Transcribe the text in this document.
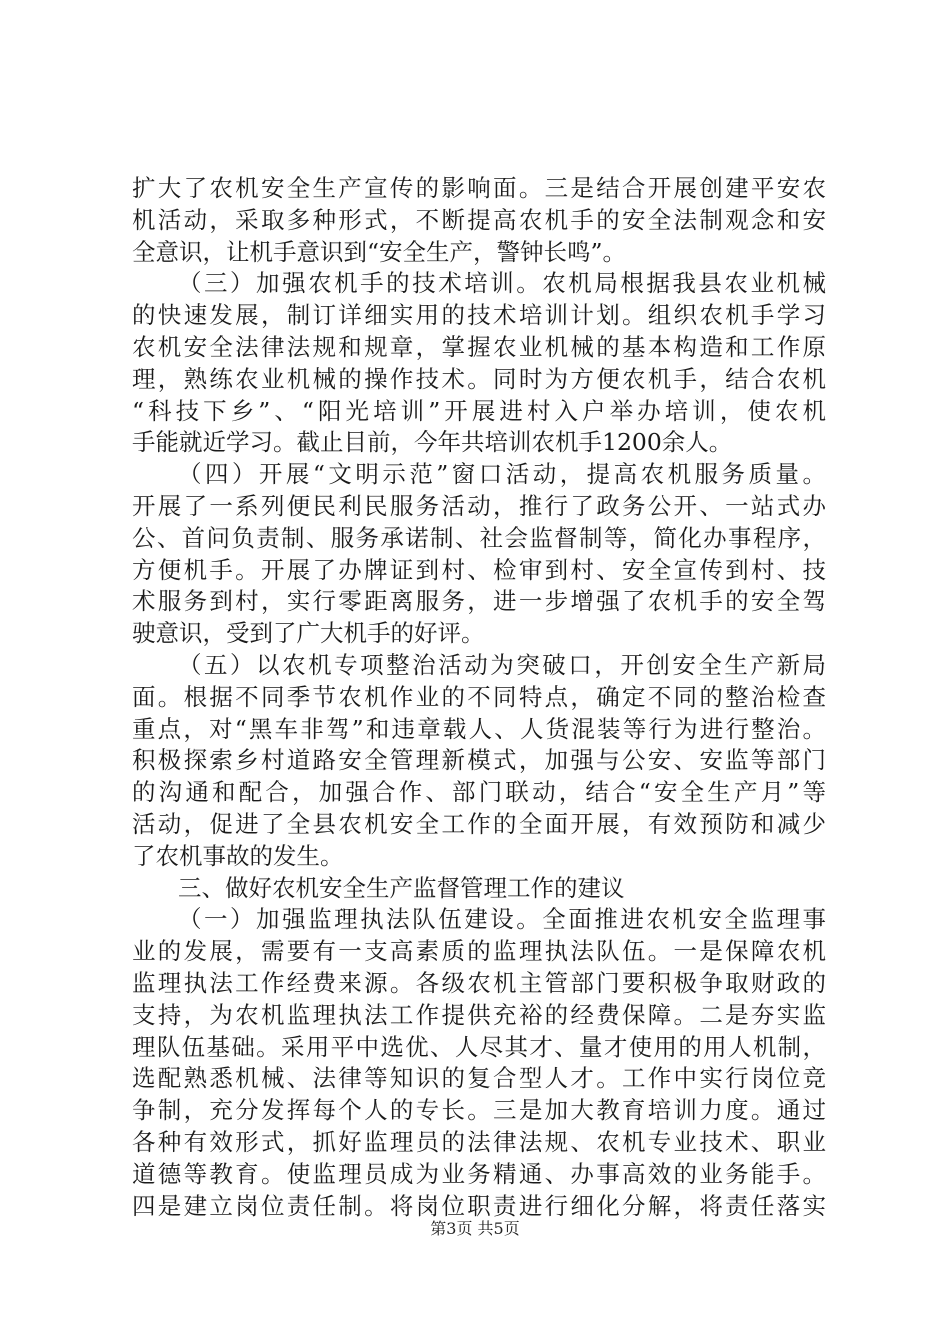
扩大了农机安全生产宣传的影响面。三是结合开展创建平安农
机活动，采取多种形式，不断提高农机手的安全法制观念和安
全意识，让机手意识到“安全生产，警钟长鸣”。
（三）加强农机手的技术培训。农机局根据我县农业机械
的快速发展，制订详细实用的技术培训计划。组织农机手学习
农机安全法律法规和规章，掌握农业机械的基本构造和工作原
理，熟练农业机械的操作技术。同时为方便农机手，结合农机
“科技下乡”、“阳光培训”开展进村入户举办培训，使农机
手能就近学习。截止目前，今年共培训农机手1200余人。
（四）开展“文明示范”窗口活动，提高农机服务质量。
开展了一系列便民利民服务活动，推行了政务公开、一站式办
公、首问负责制、服务承诺制、社会监督制等，简化办事程序，
方便机手。开展了办牌证到村、检审到村、安全宣传到村、技
术服务到村，实行零距离服务，进一步增强了农机手的安全驾
驶意识，受到了广大机手的好评。
（五）以农机专项整治活动为突破口，开创安全生产新局
面。根据不同季节农机作业的不同特点，确定不同的整治检查
重点，对“黑车非驾”和违章载人、人货混装等行为进行整治。
积极探索乡村道路安全管理新模式，加强与公安、安监等部门
的沟通和配合，加强合作、部门联动，结合“安全生产月”等
活动，促进了全县农机安全工作的全面开展，有效预防和减少
了农机事故的发生。
三、做好农机安全生产监督管理工作的建议
（一）加强监理执法队伍建设。全面推进农机安全监理事
业的发展，需要有一支高素质的监理执法队伍。一是保障农机
监理执法工作经费来源。各级农机主管部门要积极争取财政的
支持，为农机监理执法工作提供充裕的经费保障。二是夯实监
理队伍基础。采用平中选优、人尽其才、量才使用的用人机制，
选配熟悉机械、法律等知识的复合型人才。工作中实行岗位竞
争制，充分发挥每个人的专长。三是加大教育培训力度。通过
各种有效形式，抓好监理员的法律法规、农机专业技术、职业
道德等教育。使监理员成为业务精通、办事高效的业务能手。
四是建立岗位责任制。将岗位职责进行细化分解，将责任落实
第3页 共5页
